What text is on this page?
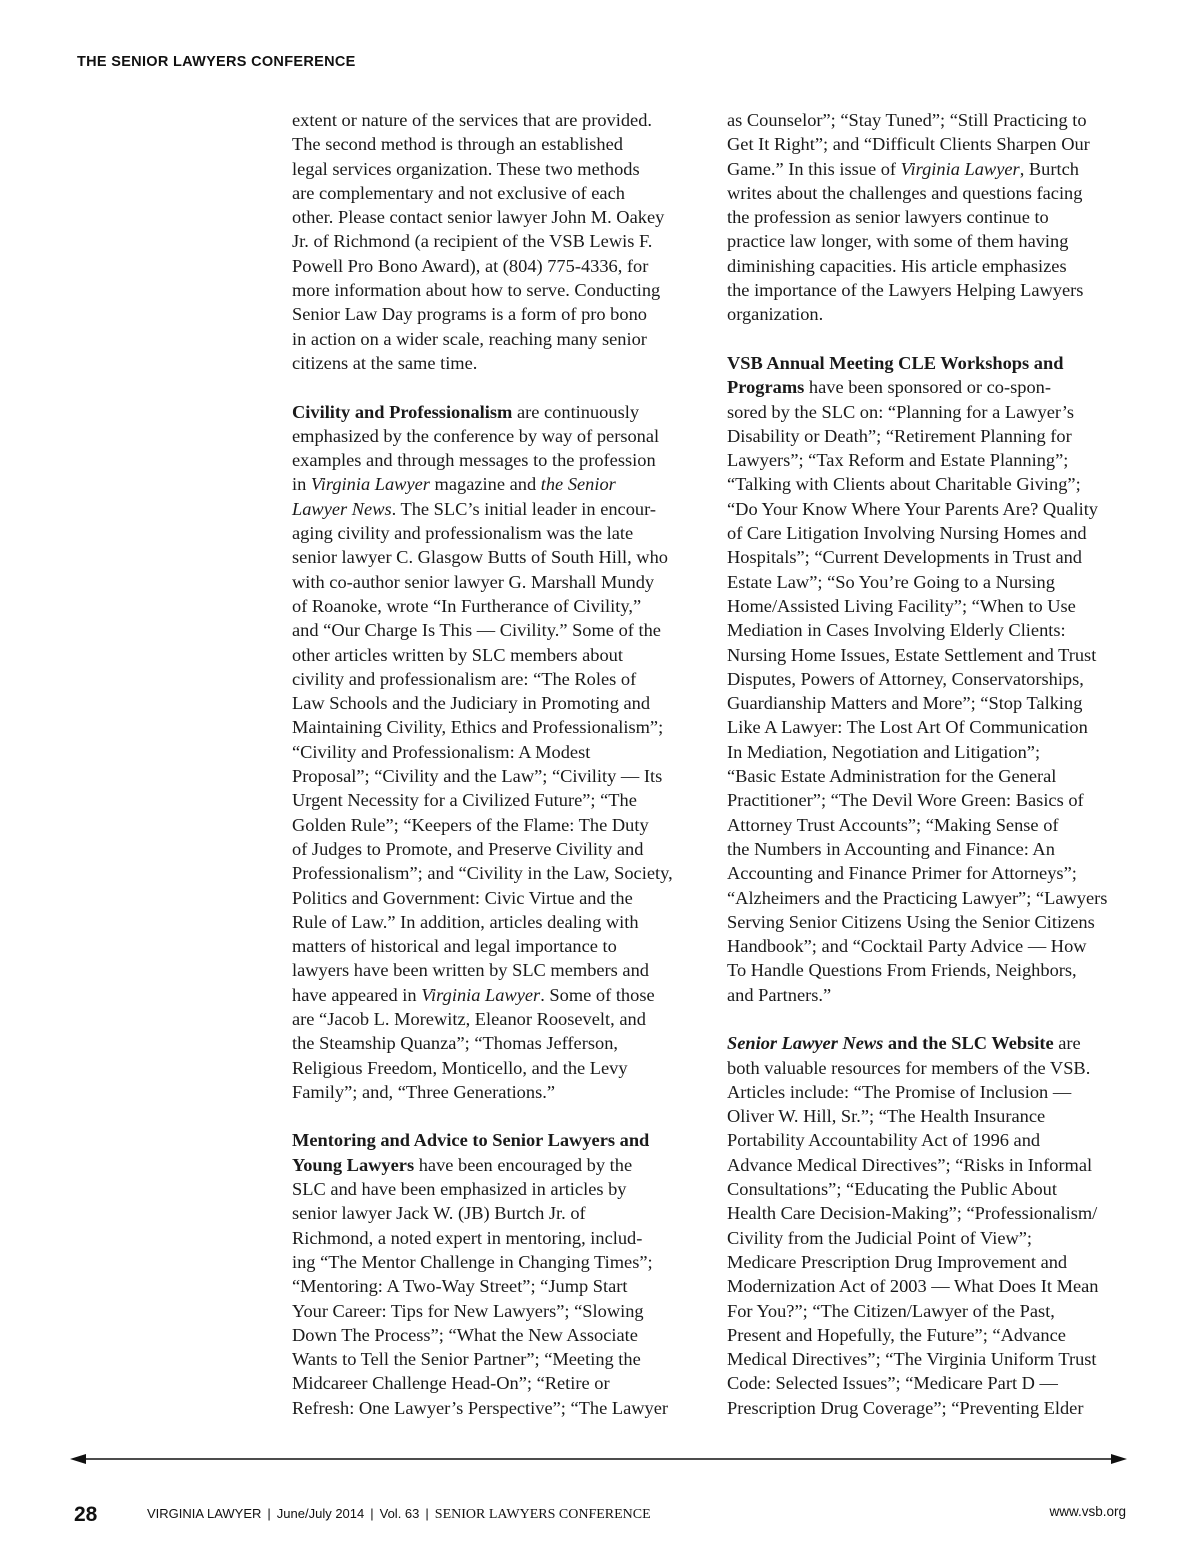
THE SENIOR LAWYERS CONFERENCE
extent or nature of the services that are provided.
The second method is through an established
legal services organization. These two methods
are complementary and not exclusive of each
other. Please contact senior lawyer John M. Oakey
Jr. of Richmond (a recipient of the VSB Lewis F.
Powell Pro Bono Award), at (804) 775-4336, for
more information about how to serve. Conducting
Senior Law Day programs is a form of pro bono
in action on a wider scale, reaching many senior
citizens at the same time.
Civility and Professionalism are continuously
emphasized by the conference by way of personal
examples and through messages to the profession
in Virginia Lawyer magazine and the Senior
Lawyer News. The SLC’s initial leader in encour-
aging civility and professionalism was the late
senior lawyer C. Glasgow Butts of South Hill, who
with co-author senior lawyer G. Marshall Mundy
of Roanoke, wrote “In Furtherance of Civility,”
and “Our Charge Is This — Civility.” Some of the
other articles written by SLC members about
civility and professionalism are: “The Roles of
Law Schools and the Judiciary in Promoting and
Maintaining Civility, Ethics and Professionalism”;
“Civility and Professionalism: A Modest
Proposal”; “Civility and the Law”; “Civility — Its
Urgent Necessity for a Civilized Future”; “The
Golden Rule”; “Keepers of the Flame: The Duty
of Judges to Promote, and Preserve Civility and
Professionalism”; and “Civility in the Law, Society,
Politics and Government: Civic Virtue and the
Rule of Law.” In addition, articles dealing with
matters of historical and legal importance to
lawyers have been written by SLC members and
have appeared in Virginia Lawyer. Some of those
are “Jacob L. Morewitz, Eleanor Roosevelt, and
the Steamship Quanza”; “Thomas Jefferson,
Religious Freedom, Monticello, and the Levy
Family”; and, “Three Generations.”
Mentoring and Advice to Senior Lawyers and
Young Lawyers have been encouraged by the
SLC and have been emphasized in articles by
senior lawyer Jack W. (JB) Burtch Jr. of
Richmond, a noted expert in mentoring, includ-
ing “The Mentor Challenge in Changing Times”;
“Mentoring: A Two-Way Street”; “Jump Start
Your Career: Tips for New Lawyers”; “Slowing
Down The Process”; “What the New Associate
Wants to Tell the Senior Partner”; “Meeting the
Midcareer Challenge Head-On”; “Retire or
Refresh: One Lawyer’s Perspective”; “The Lawyer
as Counselor”; “Stay Tuned”; “Still Practicing to
Get It Right”; and “Difficult Clients Sharpen Our
Game.” In this issue of Virginia Lawyer, Burtch
writes about the challenges and questions facing
the profession as senior lawyers continue to
practice law longer, with some of them having
diminishing capacities. His article emphasizes
the importance of the Lawyers Helping Lawyers
organization.
VSB Annual Meeting CLE Workshops and
Programs have been sponsored or co-spon-
sored by the SLC on: “Planning for a Lawyer’s
Disability or Death”; “Retirement Planning for
Lawyers”; “Tax Reform and Estate Planning”;
“Talking with Clients about Charitable Giving”;
“Do Your Know Where Your Parents Are? Quality
of Care Litigation Involving Nursing Homes and
Hospitals”; “Current Developments in Trust and
Estate Law”; “So You’re Going to a Nursing
Home/Assisted Living Facility”; “When to Use
Mediation in Cases Involving Elderly Clients:
Nursing Home Issues, Estate Settlement and Trust
Disputes, Powers of Attorney, Conservatorships,
Guardianship Matters and More”; “Stop Talking
Like A Lawyer: The Lost Art Of Communication
In Mediation, Negotiation and Litigation”;
“Basic Estate Administration for the General
Practitioner”; “The Devil Wore Green: Basics of
Attorney Trust Accounts”; “Making Sense of
the Numbers in Accounting and Finance: An
Accounting and Finance Primer for Attorneys”;
“Alzheimers and the Practicing Lawyer”; “Lawyers
Serving Senior Citizens Using the Senior Citizens
Handbook”; and “Cocktail Party Advice — How
To Handle Questions From Friends, Neighbors,
and Partners.”
Senior Lawyer News and the SLC Website are
both valuable resources for members of the VSB.
Articles include: “The Promise of Inclusion —
Oliver W. Hill, Sr.”; “The Health Insurance
Portability Accountability Act of 1996 and
Advance Medical Directives”; “Risks in Informal
Consultations”; “Educating the Public About
Health Care Decision-Making”; “Professionalism/
Civility from the Judicial Point of View”;
Medicare Prescription Drug Improvement and
Modernization Act of 2003 — What Does It Mean
For You?”; “The Citizen/Lawyer of the Past,
Present and Hopefully, the Future”; “Advance
Medical Directives”; “The Virginia Uniform Trust
Code: Selected Issues”; “Medicare Part D —
Prescription Drug Coverage”; “Preventing Elder
28	VIRGINIA LAWYER | June/July 2014 | Vol. 63 | SENIOR LAWYERS CONFERENCE	www.vsb.org
